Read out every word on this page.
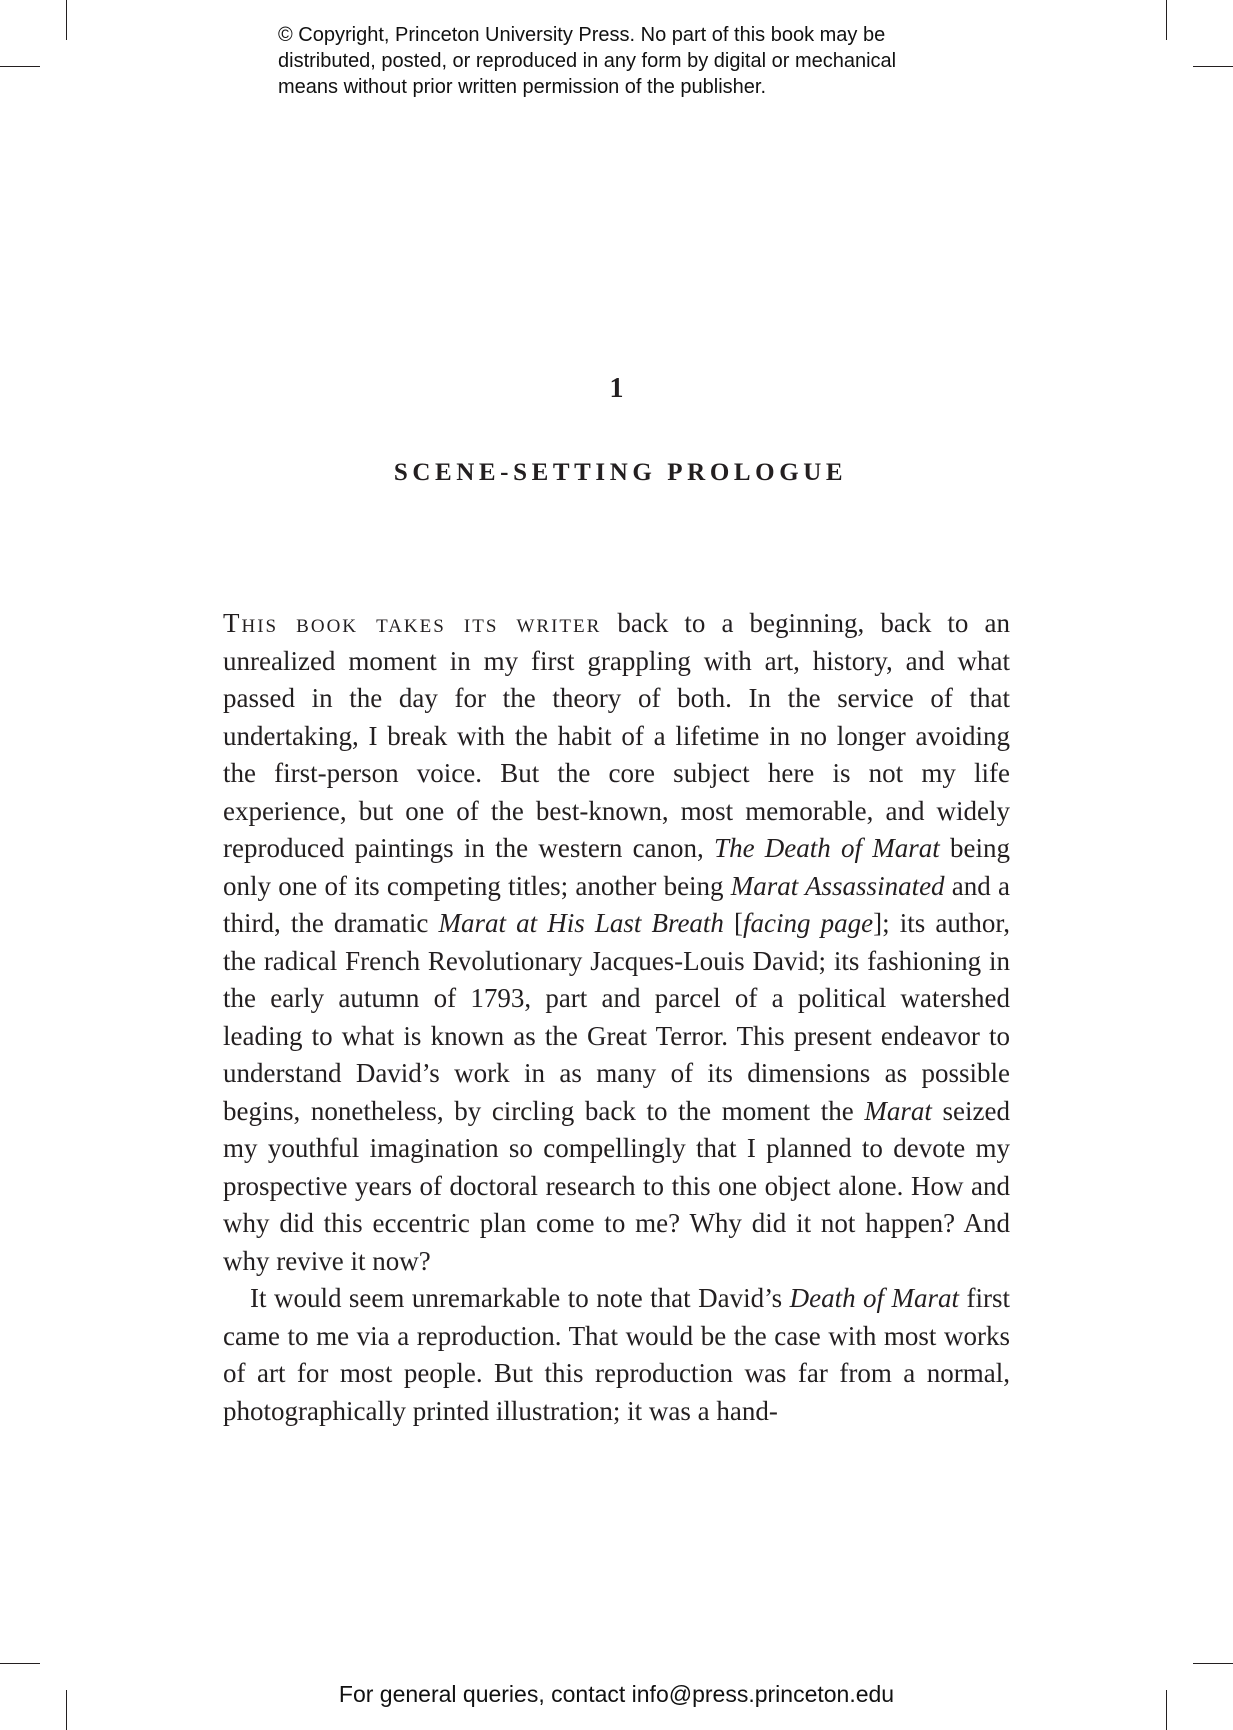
© Copyright, Princeton University Press. No part of this book may be
distributed, posted, or reproduced in any form by digital or mechanical
means without prior written permission of the publisher.
1
SCENE-SETTING PROLOGUE

This book takes its writer back to a beginning, back to an unrealized moment in my first grappling with art, history, and what passed in the day for the theory of both. In the service of that undertaking, I break with the habit of a lifetime in no longer avoiding the first-person voice. But the core subject here is not my life experience, but one of the best-known, most memorable, and widely reproduced paintings in the western canon, The Death of Marat being only one of its competing titles; another being Marat Assassinated and a third, the dramatic Marat at His Last Breath [facing page]; its author, the radical French Revolutionary Jacques-Louis David; its fashioning in the early autumn of 1793, part and parcel of a political watershed leading to what is known as the Great Terror. This present endeavor to understand David’s work in as many of its dimensions as possible begins, nonetheless, by circling back to the moment the Marat seized my youthful imagination so compellingly that I planned to devote my prospective years of doctoral research to this one object alone. How and why did this eccentric plan come to me? Why did it not happen? And why revive it now?

It would seem unremarkable to note that David’s Death of Marat first came to me via a reproduction. That would be the case with most works of art for most people. But this reproduction was far from a normal, photographically printed illustration; it was a hand-

For general queries, contact info@press.princeton.edu
